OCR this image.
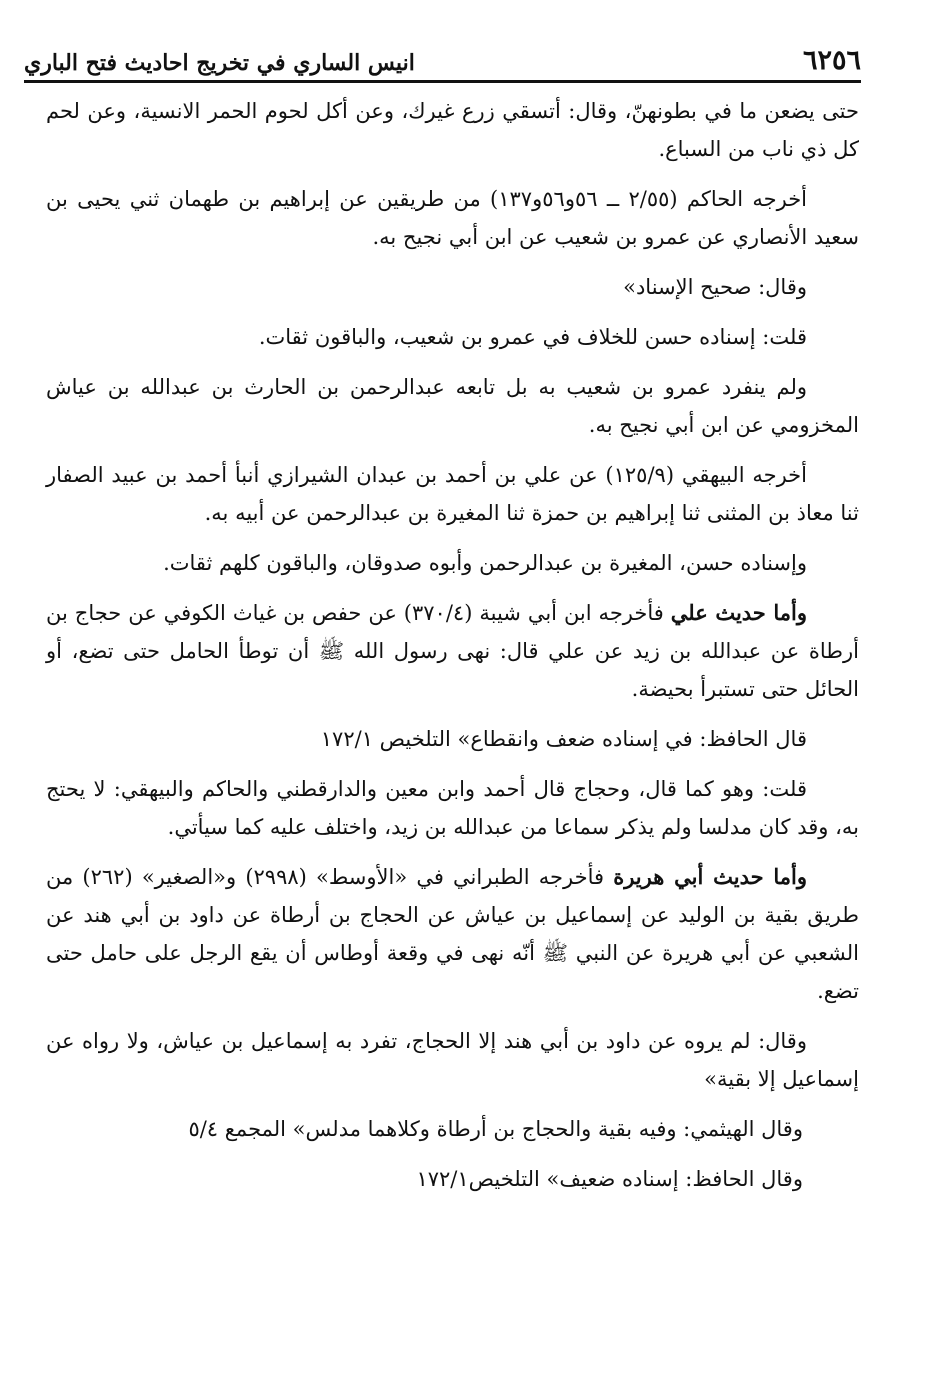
٦٢٥٦
انيس الساري في تخريج احاديث فتح الباري

حتى يضعن ما في بطونهنّ، وقال: أتسقي زرع غيرك، وعن أكل لحوم الحمر الانسية، وعن لحم كل ذي ناب من السباع.

أخرجه الحاكم (٢/٥٥ ــ ٥٦و٥٦و١٣٧) من طريقين عن إبراهيم بن طهمان ثني يحيى بن سعيد الأنصاري عن عمرو بن شعيب عن ابن أبي نجيح به.

وقال: صحيح الإسناد»

قلت: إسناده حسن للخلاف في عمرو بن شعيب، والباقون ثقات.

ولم ينفرد عمرو بن شعيب به بل تابعه عبدالرحمن بن الحارث بن عبدالله بن عياش المخزومي عن ابن أبي نجيح به.

أخرجه البيهقي (١٢٥/٩) عن علي بن أحمد بن عبدان الشيرازي أنبأ أحمد بن عبيد الصفار ثنا معاذ بن المثنى ثنا إبراهيم بن حمزة ثنا المغيرة بن عبدالرحمن عن أبيه به.

وإسناده حسن، المغيرة بن عبدالرحمن وأبوه صدوقان، والباقون كلهم ثقات.

وأما حديث علي فأخرجه ابن أبي شيبة (٣٧٠/٤) عن حفص بن غياث الكوفي عن حجاج بن أرطاة عن عبدالله بن زيد عن علي قال: نهى رسول الله ﷺ أن توطأ الحامل حتى تضع، أو الحائل حتى تستبرأ بحيضة.

قال الحافظ: في إسناده ضعف وانقطاع» التلخيص ١٧٢/١

قلت: وهو كما قال، وحجاج قال أحمد وابن معين والدارقطني والحاكم والبيهقي: لا يحتج به، وقد كان مدلسا ولم يذكر سماعا من عبدالله بن زيد، واختلف عليه كما سيأتي.

وأما حديث أبي هريرة فأخرجه الطبراني في «الأوسط» (٢٩٩٨) و«الصغير» (٢٦٢) من طريق بقية بن الوليد عن إسماعيل بن عياش عن الحجاج بن أرطاة عن داود بن أبي هند عن الشعبي عن أبي هريرة عن النبي ﷺ أنّه نهى في وقعة أوطاس أن يقع الرجل على حامل حتى تضع.

وقال: لم يروه عن داود بن أبي هند إلا الحجاج، تفرد به إسماعيل بن عياش، ولا رواه عن إسماعيل إلا بقية»

وقال الهيثمي: وفيه بقية والحجاج بن أرطاة وكلاهما مدلس» المجمع ٥/٤

وقال الحافظ: إسناده ضعيف» التلخيص١٧٢/١
